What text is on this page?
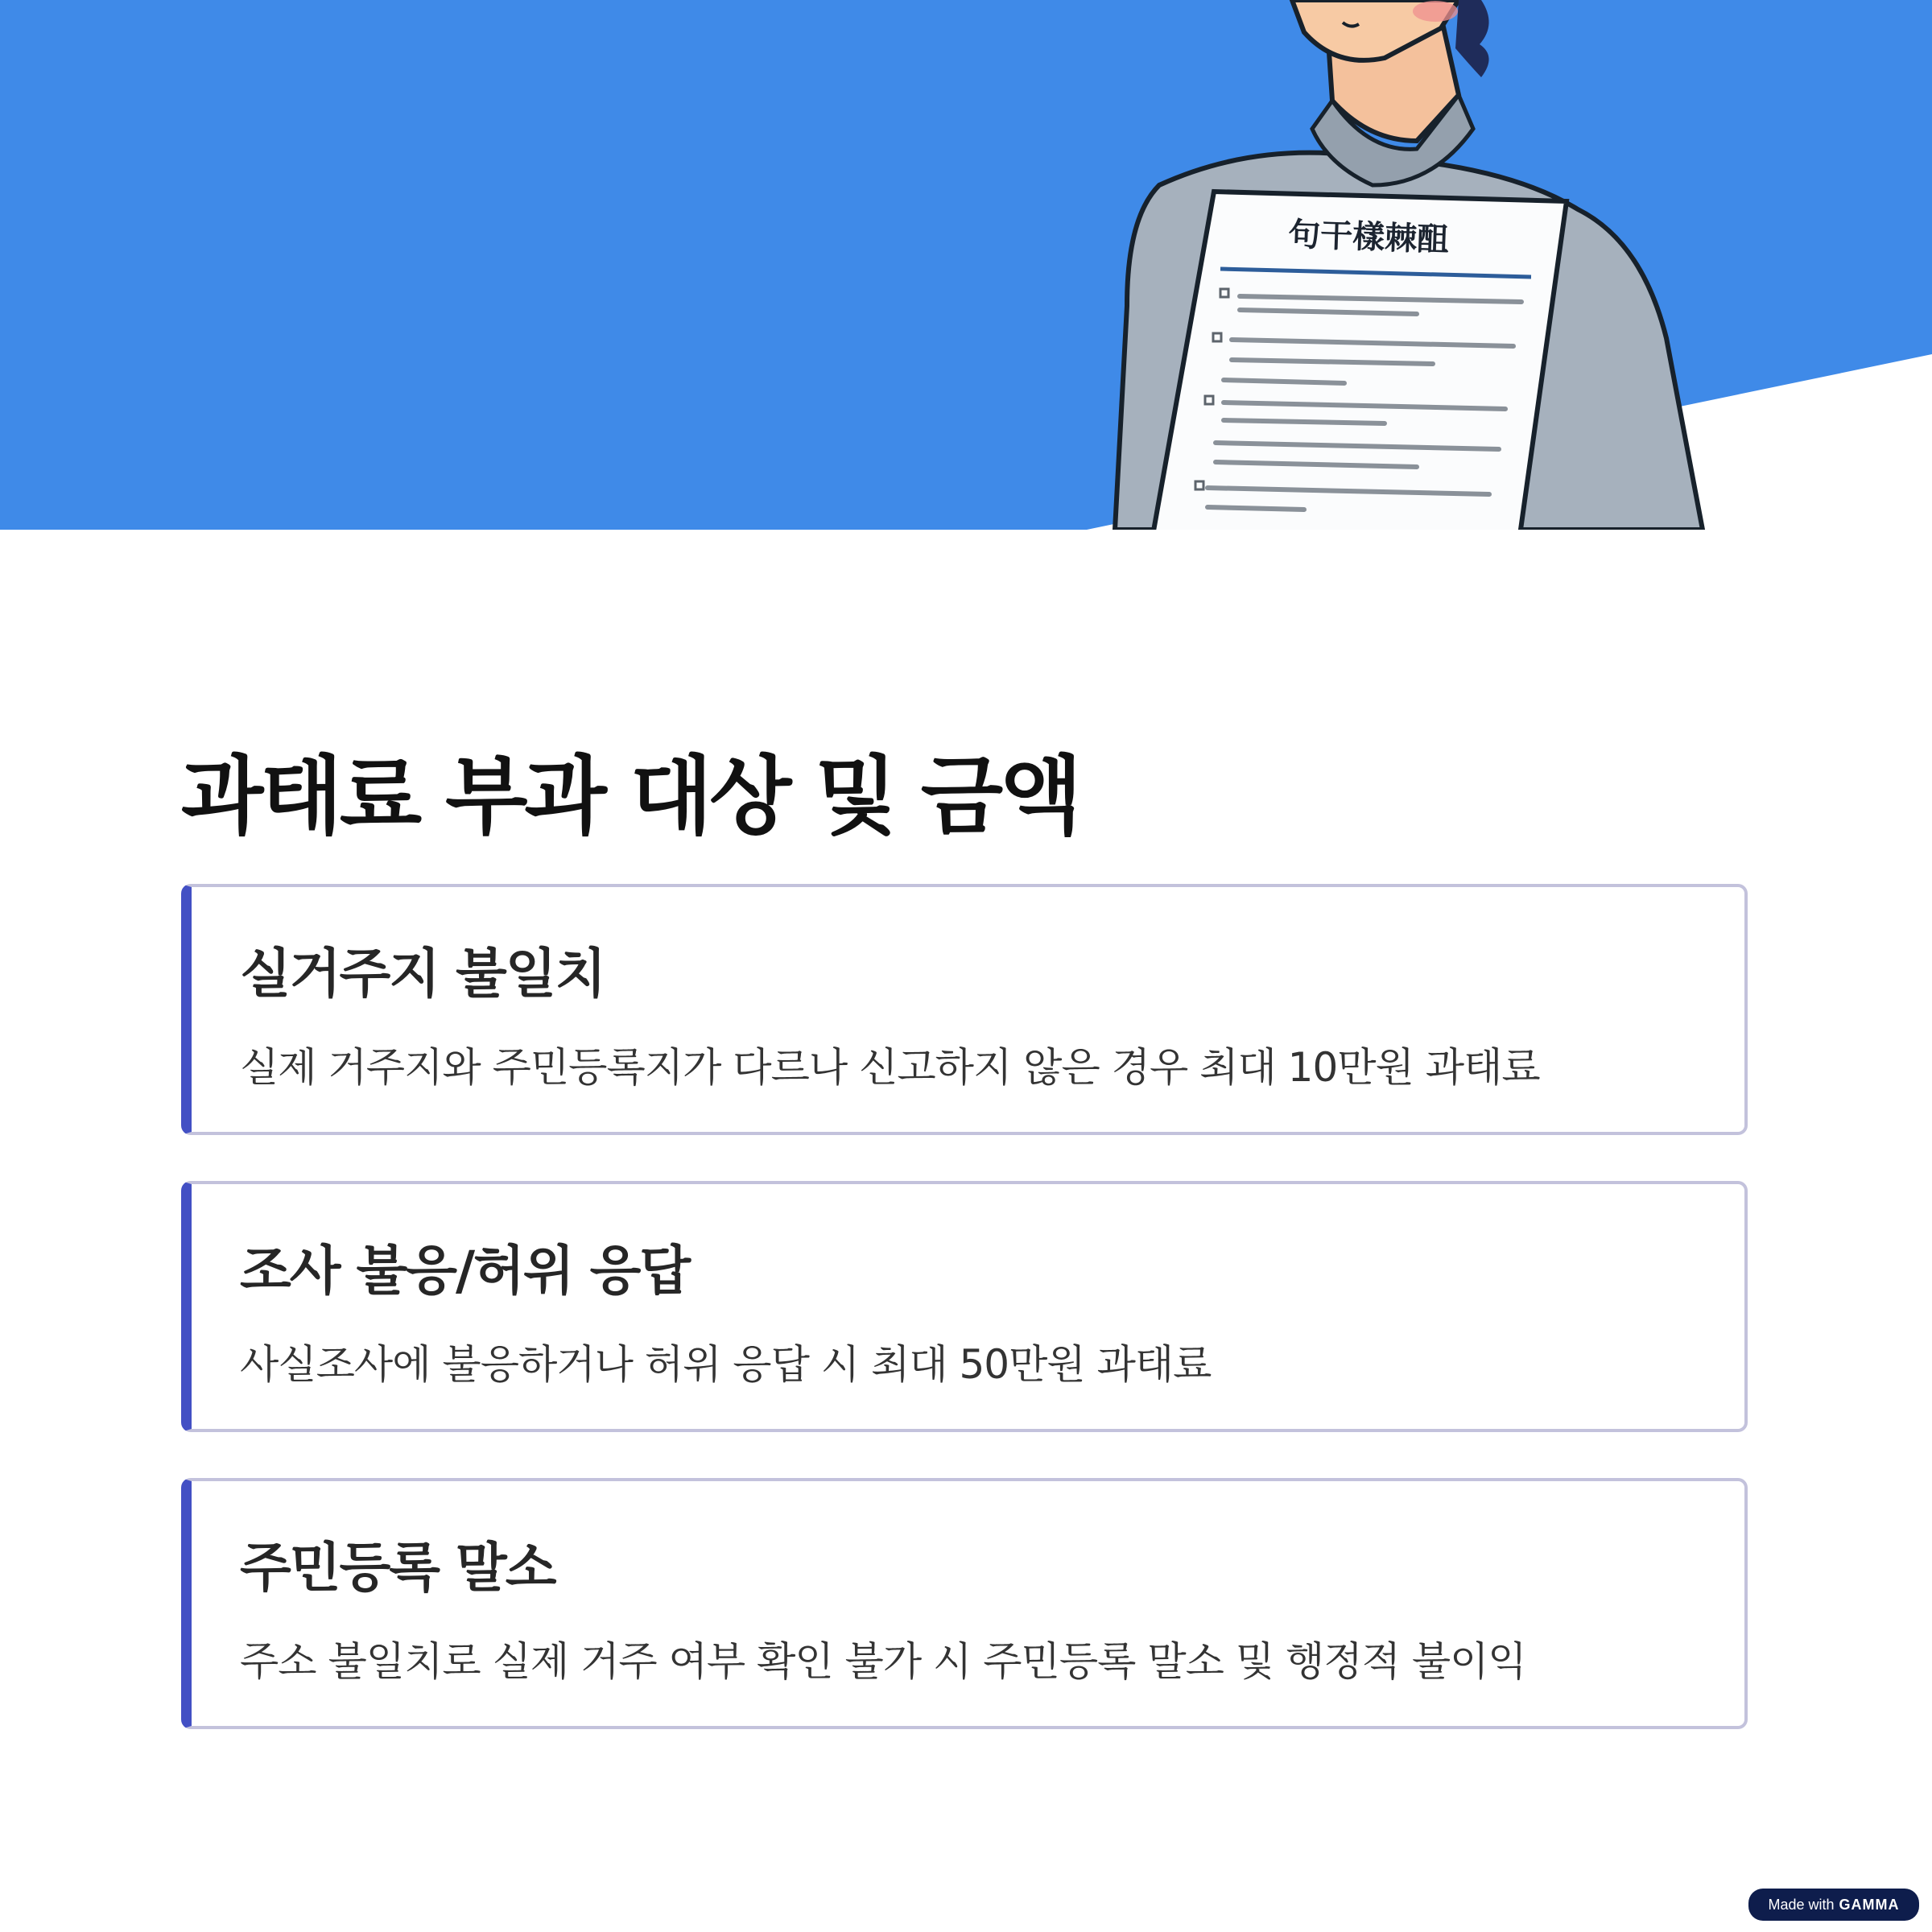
句干樣棘䣯
과태료 부과 대상 및 금액
실거주지 불일치

실제 거주지와 주민등록지가 다르나 신고하지 않은 경우 최대 10만원 과태료

조사 불응/허위 응답

사실조사에 불응하거나 허위 응답 시 최대 50만원 과태료

주민등록 말소

주소 불일치로 실제 거주 여부 확인 불가 시 주민등록 말소 및 행정적 불이익

Made with GAMMA
